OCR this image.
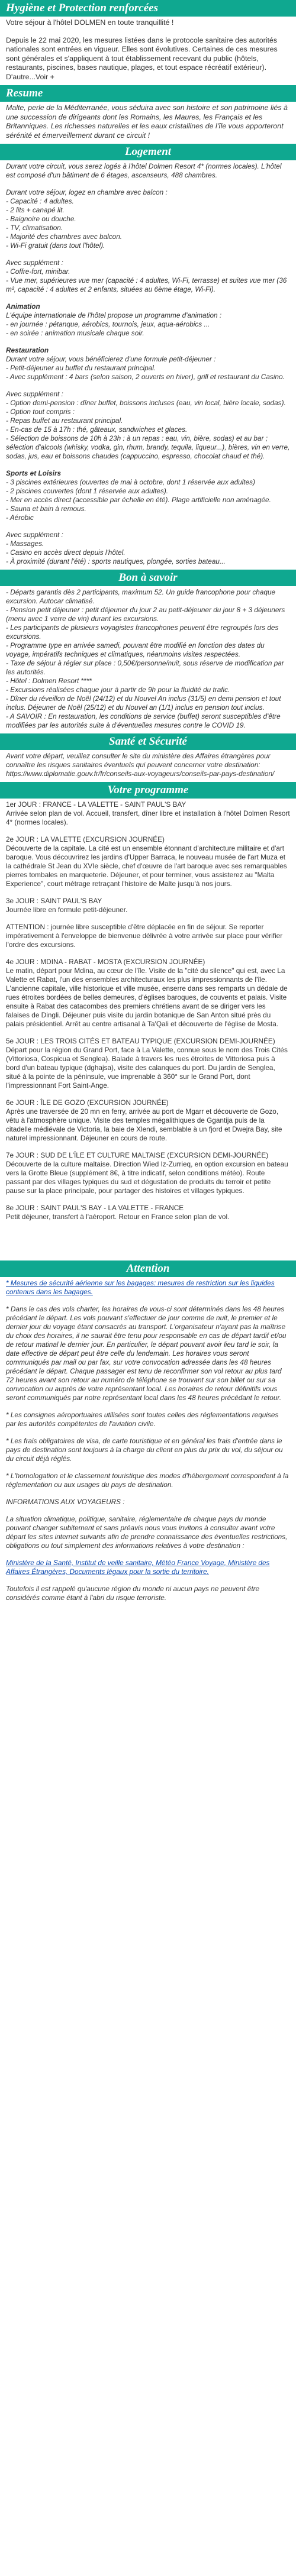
Hygiène et Protection renforcées

Votre séjour à l'hôtel DOLMEN en toute tranquillité !

Depuis le 22 mai 2020, les mesures listées dans le protocole sanitaire des autorités nationales sont entrées en vigueur. Elles sont évolutives. Certaines de ces mesures sont générales et s'appliquent à tout établissement recevant du public (hôtels, restaurants, piscines, bases nautique, plages, et tout espace récréatif extérieur). D'autre...Voir +

Resume

Malte, perle de la Méditerranée, vous séduira avec son histoire et son patrimoine liés à une succession de dirigeants dont les Romains, les Maures, les Français et les Britanniques. Les richesses naturelles et les eaux cristallines de l'île vous apporteront sérénité et émerveillement durant ce circuit !

Logement

Durant votre circuit, vous serez logés à l'hôtel Dolmen Resort 4* (normes locales). L'hôtel est composé d'un bâtiment de 6 étages, ascenseurs, 488 chambres.

Durant votre séjour, logez en chambre avec balcon :

- Capacité : 4 adultes.

- 2 lits + canapé lit.

- Baignoire ou douche.

- TV, climatisation.

- Majorité des chambres avec balcon.

- Wi-Fi gratuit (dans tout l'hôtel).

Avec supplément :

- Coffre-fort, minibar.

- Vue mer, supérieures vue mer (capacité : 4 adultes, Wi-Fi, terrasse) et suites vue mer (36 m², capacité : 4 adultes et 2 enfants, situées au 6ème étage, Wi-Fi).

Animation

L'équipe internationale de l'hôtel propose un programme d'animation :

- en journée : pétanque, aérobics, tournois, jeux, aqua-aérobics ...

- en soirée : animation musicale chaque soir.

Restauration

Durant votre séjour, vous bénéficierez d'une formule petit-déjeuner :

- Petit-déjeuner au buffet du restaurant principal.

- Avec supplément : 4 bars (selon saison, 2 ouverts en hiver), grill et restaurant du Casino.

Avec supplément :

- Option demi-pension : dîner buffet, boissons incluses (eau, vin local, bière locale, sodas).

- Option tout compris :

- Repas buffet au restaurant principal.

- En-cas de 15 à 17h : thé, gâteaux, sandwiches et glaces.

- Sélection de boissons de 10h à 23h : à un repas : eau, vin, bière, sodas) et au bar ; sélection d'alcools (whisky, vodka, gin, rhum, brandy, tequila, liqueur...), bières, vin en verre, sodas, jus, eau et boissons chaudes (cappuccino, espresso, chocolat chaud et thé).

Sports et Loisirs

- 3 piscines extérieures (ouvertes de mai à octobre, dont 1 réservée aux adultes)

- 2 piscines couvertes (dont 1 réservée aux adultes).

- Mer en accès direct (accessible par échelle en été). Plage artificielle non aménagée.

- Sauna et bain à remous.

- Aérobic

Avec supplément :

- Massages.

- Casino en accès direct depuis l'hôtel.

- À proximité (durant l'été) : sports nautiques, plongée, sorties bateau...

Bon à savoir

- Départs garantis dès 2 participants, maximum 52. Un guide francophone pour chaque excursion. Autocar climatisé.

- Pension petit déjeuner : petit déjeuner du jour 2 au petit-déjeuner du jour 8 + 3 déjeuners (menu avec 1 verre de vin) durant les excursions.

- Les participants de plusieurs voyagistes francophones peuvent être regroupés lors des excursions.

- Programme type en arrivée samedi, pouvant être modifié en fonction des dates du voyage, impératifs techniques et climatiques, néanmoins visites respectées.

- Taxe de séjour à régler sur place : 0,50€/personne/nuit, sous réserve de modification par les autorités.

- Hôtel : Dolmen Resort ****

- Excursions réalisées chaque jour à partir de 9h pour la fluidité du trafic.

- Dîner du réveillon de Noël (24/12) et du Nouvel An inclus (31/5) en demi pension et tout inclus. Déjeuner de Noël (25/12) et du Nouvel an (1/1) inclus en pension tout inclus.

- A SAVOIR : En restauration, les conditions de service (buffet) seront susceptibles d'être modifiées par les autorités suite à d'éventuelles mesures contre le COVID 19.

Santé et Sécurité

Avant votre départ, veuillez consulter le site du ministère des Affaires étrangères pour connaître les risques sanitaires éventuels qui peuvent concerner votre destination: https://www.diplomatie.gouv.fr/fr/conseils-aux-voyageurs/conseils-par-pays-destination/

Votre programme

1er JOUR : FRANCE - LA VALETTE - SAINT PAUL'S BAY

Arrivée selon plan de vol. Accueil, transfert, dîner libre et installation à l'hôtel Dolmen Resort 4* (normes locales).

2e JOUR : LA VALETTE (EXCURSION JOURNÉE)

Découverte de la capitale. La cité est un ensemble étonnant d'architecture militaire et d'art baroque. Vous découvrirez les jardins d'Upper Barraca, le nouveau musée de l'art Muza et la cathédrale St Jean du XVIe siècle, chef d'œuvre de l'art baroque avec ses remarquables pierres tombales en marqueterie. Déjeuner, et pour terminer, vous assisterez au "Malta Experience", court métrage retraçant l'histoire de Malte jusqu'à nos jours.

3e JOUR : SAINT PAUL'S BAY

Journée libre en formule petit-déjeuner.

ATTENTION : journée libre susceptible d'être déplacée en fin de séjour. Se reporter impérativement à l'enveloppe de bienvenue délivrée à votre arrivée sur place pour vérifier l'ordre des excursions.

4e JOUR : MDINA - RABAT - MOSTA (EXCURSION JOURNÉE)

Le matin, départ pour Mdina, au cœur de l'île. Visite de la "cité du silence" qui est, avec La Valette et Rabat, l'un des ensembles architecturaux les plus impressionnants de l'île. L'ancienne capitale, ville historique et ville musée, enserre dans ses remparts un dédale de rues étroites bordées de belles demeures, d'églises baroques, de couvents et palais. Visite ensuite à Rabat des catacombes des premiers chrétiens avant de se diriger vers les falaises de Dingli. Déjeuner puis visite du jardin botanique de San Anton situé près du palais présidentiel. Arrêt au centre artisanal à Ta'Qali et découverte de l'église de Mosta.

5e JOUR : LES TROIS CITÉS ET BATEAU TYPIQUE (EXCURSION DEMI-JOURNÉE)

Départ pour la région du Grand Port, face à La Valette, connue sous le nom des Trois Cités (Vittoriosa, Cospicua et Senglea). Balade à travers les rues étroites de Vittoriosa puis à bord d'un bateau typique (dghajsa), visite des calanques du port. Du jardin de Senglea, situé à la pointe de la péninsule, vue imprenable à 360° sur le Grand Port, dont l'impressionnant Fort Saint-Ange.

6e JOUR : ÎLE DE GOZO (EXCURSION JOURNÉE)

Après une traversée de 20 mn en ferry, arrivée au port de Mgarr et découverte de Gozo, vêtu à l'atmosphère unique. Visite des temples mégalithiques de Ggantija puis de la citadelle médiévale de Victoria, la baie de Xlendi, semblable à un fjord et Dwejra Bay, site naturel impressionnant. Déjeuner en cours de route.

7e JOUR : SUD DE L'ÎLE ET CULTURE MALTAISE (EXCURSION DEMI-JOURNÉE)

Découverte de la culture maltaise. Direction Wied Iz-Zurrieq, en option excursion en bateau vers la Grotte Bleue (supplément 8€, à titre indicatif, selon conditions météo). Route passant par des villages typiques du sud et dégustation de produits du terroir et petite pause sur la place principale, pour partager des histoires et villages typiques.

8e JOUR : SAINT PAUL'S BAY - LA VALETTE - FRANCE

Petit déjeuner, transfert à l'aéroport. Retour en France selon plan de vol.

Attention

* Mesures de sécurité aérienne sur les bagages: mesures de restriction sur les liquides contenus dans les bagages.

* Dans le cas des vols charter, les horaires de vous-ci sont déterminés dans les 48 heures précédant le départ. Les vols pouvant s'effectuer de jour comme de nuit, le premier et le dernier jour du voyage étant consacrés au transport. L'organisateur n'ayant pas la maîtrise du choix des horaires, il ne saurait être tenu pour responsable en cas de départ tardif et/ou de retour matinal le dernier jour. En particulier, le départ pouvant avoir lieu tard le soir, la date effective de départ peut être celle du lendemain. Les horaires vous seront communiqués par mail ou par fax, sur votre convocation adressée dans les 48 heures précédant le départ. Chaque passager est tenu de reconfirmer son vol retour au plus tard 72 heures avant son retour au numéro de téléphone se trouvant sur son billet ou sur sa convocation ou auprès de votre représentant local. Les horaires de retour définitifs vous seront communiqués par notre représentant local dans les 48 heures précédant le retour.

* Les consignes aéroportuaires utilisées sont toutes celles des réglementations requises par les autorités compétentes de l'aviation civile.

* Les frais obligatoires de visa, de carte touristique et en général les frais d'entrée dans le pays de destination sont toujours à la charge du client en plus du prix du vol, du séjour ou du circuit déjà réglés.

* L'homologation et le classement touristique des modes d'hébergement correspondent à la réglementation ou aux usages du pays de destination.

INFORMATIONS AUX VOYAGEURS :

La situation climatique, politique, sanitaire, réglementaire de chaque pays du monde pouvant changer subitement et sans préavis nous vous invitons à consulter avant votre départ les sites internet suivants afin de prendre connaissance des éventuelles restrictions, obligations ou tout simplement des informations relatives à votre destination :

Ministère de la Santé, Institut de veille sanitaire, Météo France Voyage, Ministère des Affaires Étrangères, Documents légaux pour la sortie du territoire.

Toutefois il est rappelé qu'aucune région du monde ni aucun pays ne peuvent être considérés comme étant à l'abri du risque terroriste.
